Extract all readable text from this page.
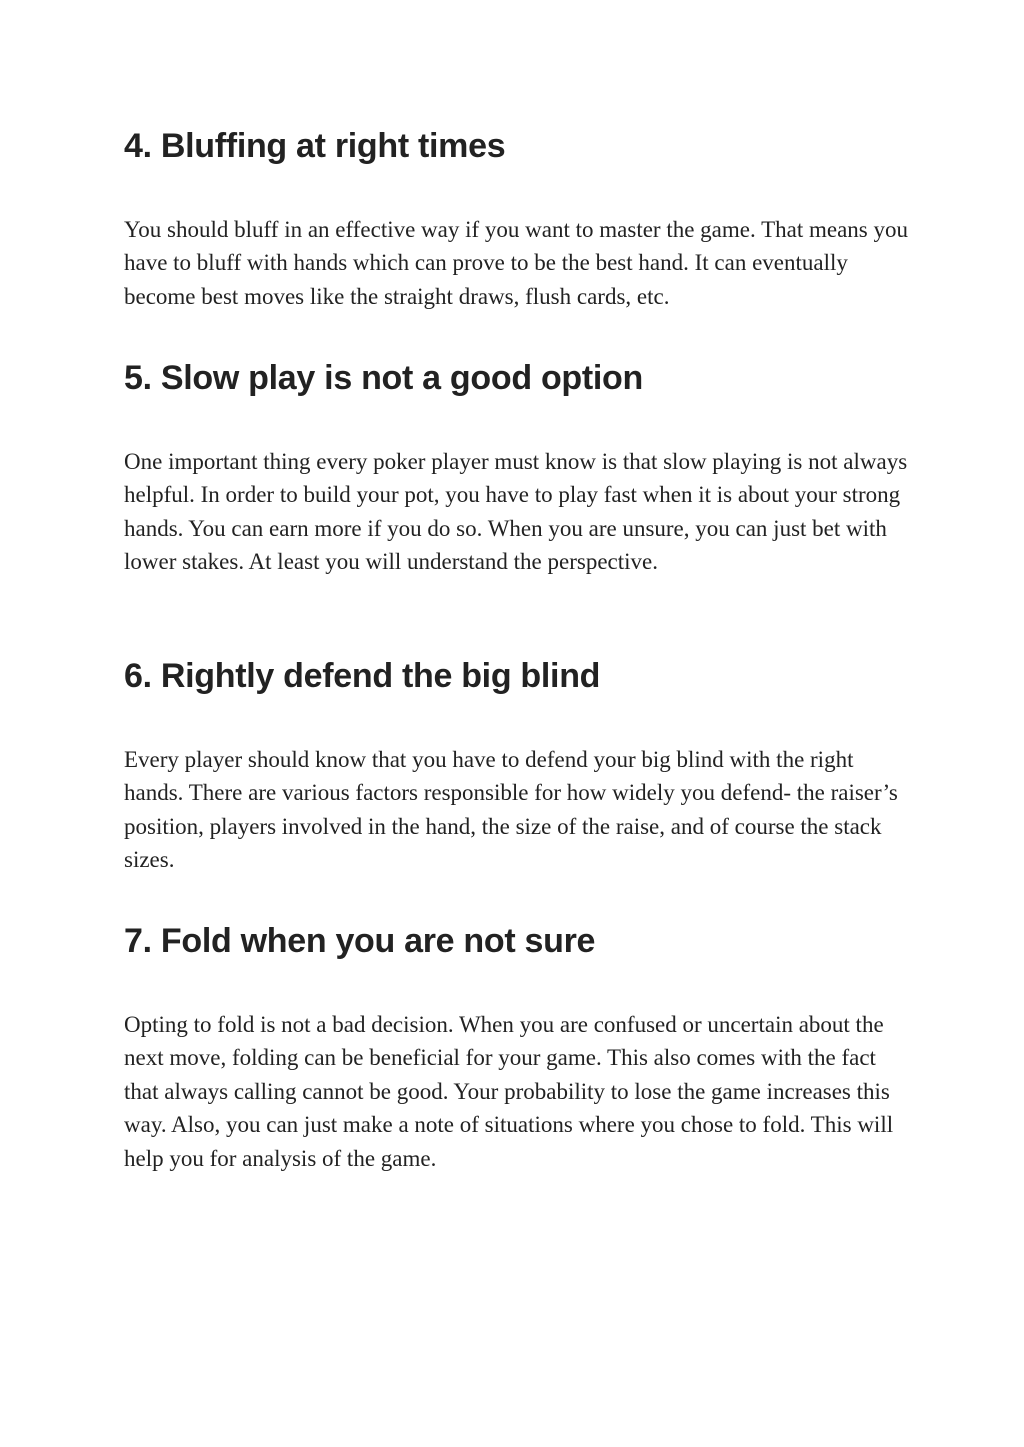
4. Bluffing at right times

You should bluff in an effective way if you want to master the game. That means you have to bluff with hands which can prove to be the best hand. It can eventually become best moves like the straight draws, flush cards, etc.

5. Slow play is not a good option

One important thing every poker player must know is that slow playing is not always helpful. In order to build your pot, you have to play fast when it is about your strong hands. You can earn more if you do so. When you are unsure, you can just bet with lower stakes. At least you will understand the perspective.

6. Rightly defend the big blind

Every player should know that you have to defend your big blind with the right hands. There are various factors responsible for how widely you defend- the raiser’s position, players involved in the hand, the size of the raise, and of course the stack sizes.

7. Fold when you are not sure

Opting to fold is not a bad decision. When you are confused or uncertain about the next move, folding can be beneficial for your game. This also comes with the fact that always calling cannot be good. Your probability to lose the game increases this way. Also, you can just make a note of situations where you chose to fold. This will help you for analysis of the game.
